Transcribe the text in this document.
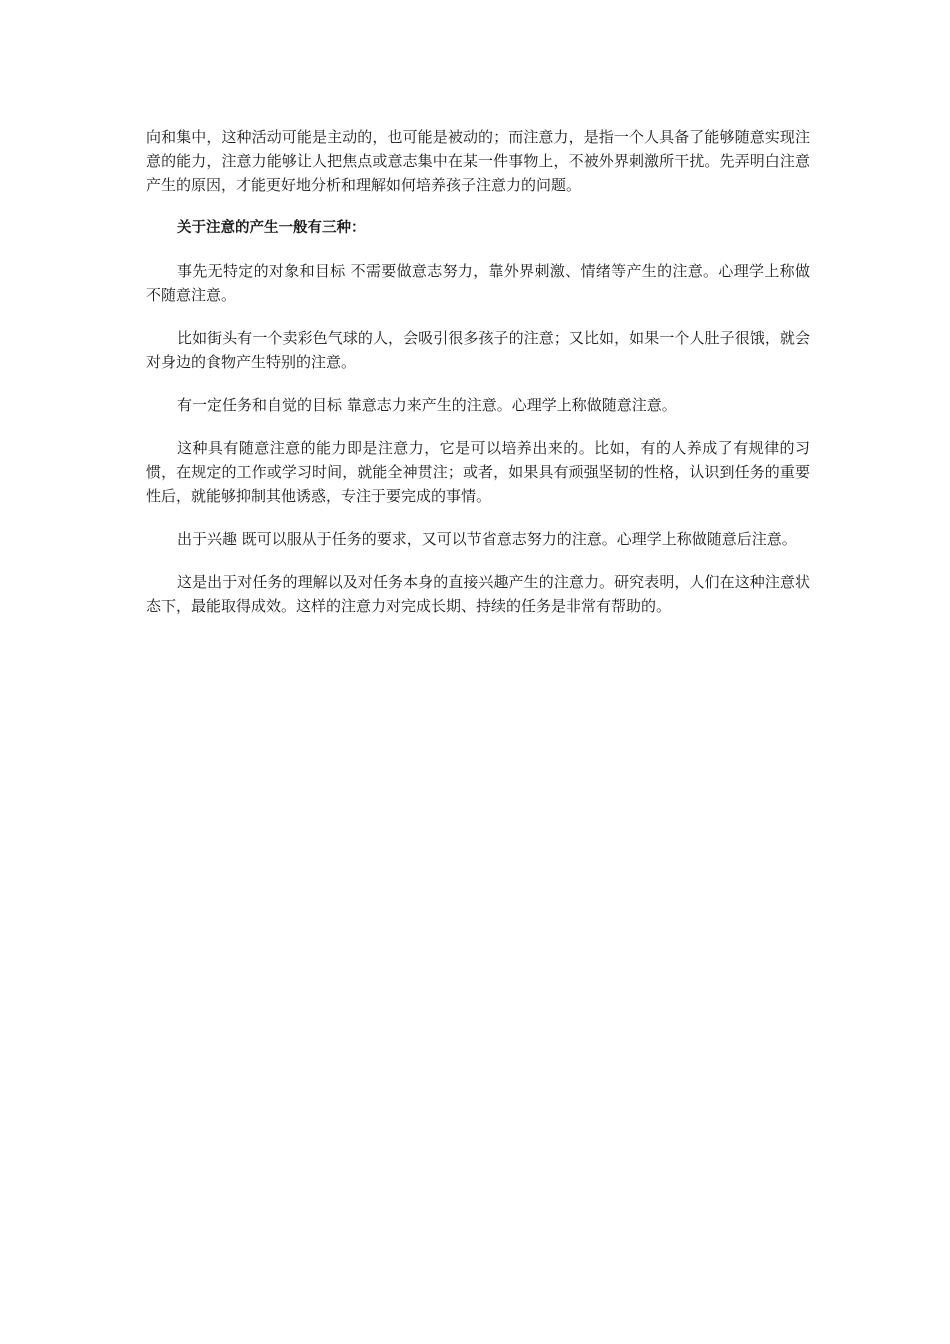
向和集中，这种活动可能是主动的，也可能是被动的；而注意力，是指一个人具备了能够随意实现注意的能力，注意力能够让人把焦点或意志集中在某一件事物上，不被外界刺激所干扰。先弄明白注意产生的原因，才能更好地分析和理解如何培养孩子注意力的问题。

关于注意的产生一般有三种：

事先无特定的对象和目标 不需要做意志努力，靠外界刺激、情绪等产生的注意。心理学上称做不随意注意。

比如街头有一个卖彩色气球的人，会吸引很多孩子的注意；又比如，如果一个人肚子很饿，就会对身边的食物产生特别的注意。

有一定任务和自觉的目标 靠意志力来产生的注意。心理学上称做随意注意。

这种具有随意注意的能力即是注意力，它是可以培养出来的。比如，有的人养成了有规律的习惯，在规定的工作或学习时间，就能全神贯注；或者，如果具有顽强坚韧的性格，认识到任务的重要性后，就能够抑制其他诱惑，专注于要完成的事情。

出于兴趣 既可以服从于任务的要求，又可以节省意志努力的注意。心理学上称做随意后注意。

这是出于对任务的理解以及对任务本身的直接兴趣产生的注意力。研究表明，人们在这种注意状态下，最能取得成效。这样的注意力对完成长期、持续的任务是非常有帮助的。
